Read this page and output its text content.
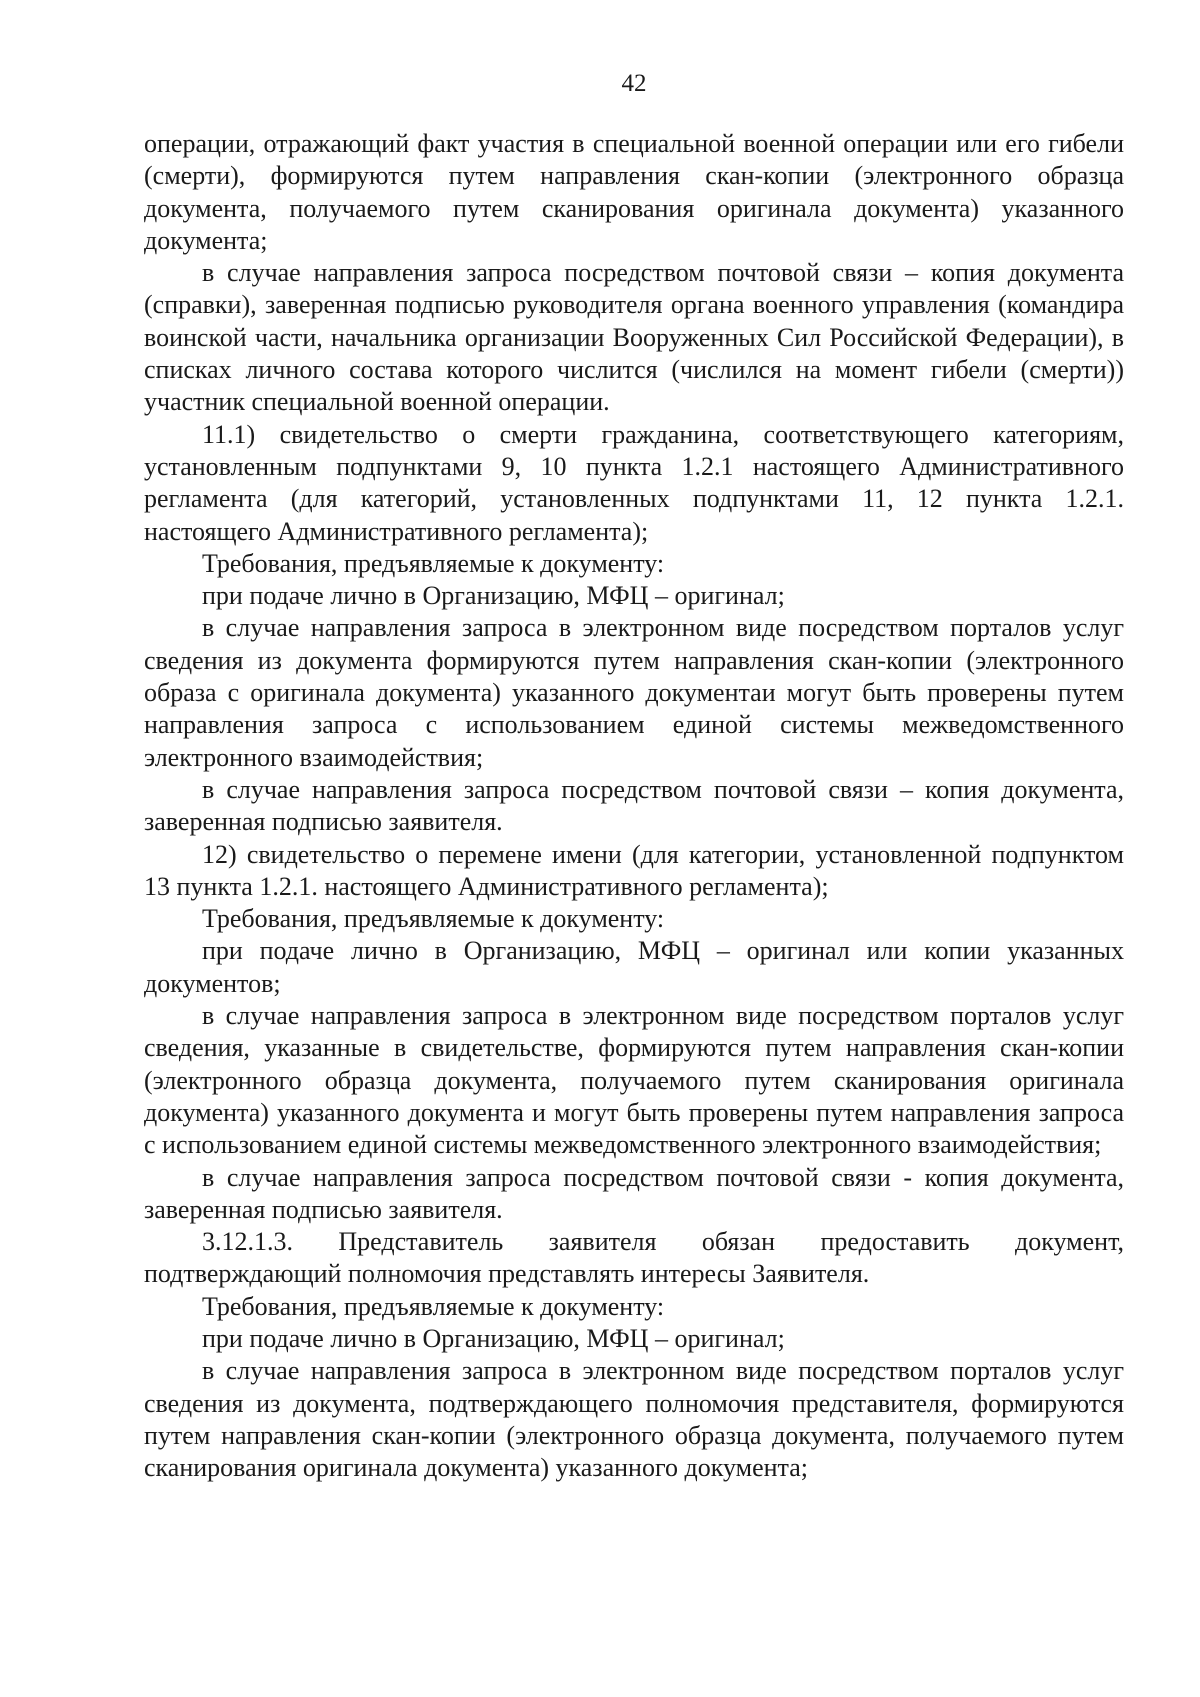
42

операции, отражающий факт участия в специальной военной операции или его гибели (смерти), формируются путем направления скан-копии (электронного образца документа, получаемого путем сканирования оригинала документа) указанного документа;

в случае направления запроса посредством почтовой связи – копия документа (справки), заверенная подписью руководителя органа военного управления (командира воинской части, начальника организации Вооруженных Сил Российской Федерации), в списках личного состава которого числится (числился на момент гибели (смерти)) участник специальной военной операции.

11.1) свидетельство о смерти гражданина, соответствующего категориям, установленным подпунктами 9, 10 пункта 1.2.1 настоящего Административного регламента (для категорий, установленных подпунктами 11, 12 пункта 1.2.1. настоящего Административного регламента);

Требования, предъявляемые к документу:

при подаче лично в Организацию, МФЦ – оригинал;

в случае направления запроса в электронном виде посредством порталов услуг сведения из документа формируются путем направления скан-копии (электронного образа с оригинала документа) указанного документаи могут быть проверены путем направления запроса с использованием единой системы межведомственного электронного взаимодействия;

в случае направления запроса посредством почтовой связи – копия документа, заверенная подписью заявителя.

12) свидетельство о перемене имени (для категории, установленной подпунктом 13 пункта 1.2.1. настоящего Административного регламента);

Требования, предъявляемые к документу:

при подаче лично в Организацию, МФЦ – оригинал или копии указанных документов;

в случае направления запроса в электронном виде посредством порталов услуг сведения, указанные в свидетельстве, формируются путем направления скан-копии (электронного образца документа, получаемого путем сканирования оригинала документа) указанного документа и могут быть проверены путем направления запроса с использованием единой системы межведомственного электронного взаимодействия;

в случае направления запроса посредством почтовой связи - копия документа, заверенная подписью заявителя.

3.12.1.3. Представитель заявителя обязан предоставить документ, подтверждающий полномочия представлять интересы Заявителя.

Требования, предъявляемые к документу:

при подаче лично в Организацию, МФЦ – оригинал;

в случае направления запроса в электронном виде посредством порталов услуг сведения из документа, подтверждающего полномочия представителя, формируются путем направления скан-копии (электронного образца документа, получаемого путем сканирования оригинала документа) указанного документа;
